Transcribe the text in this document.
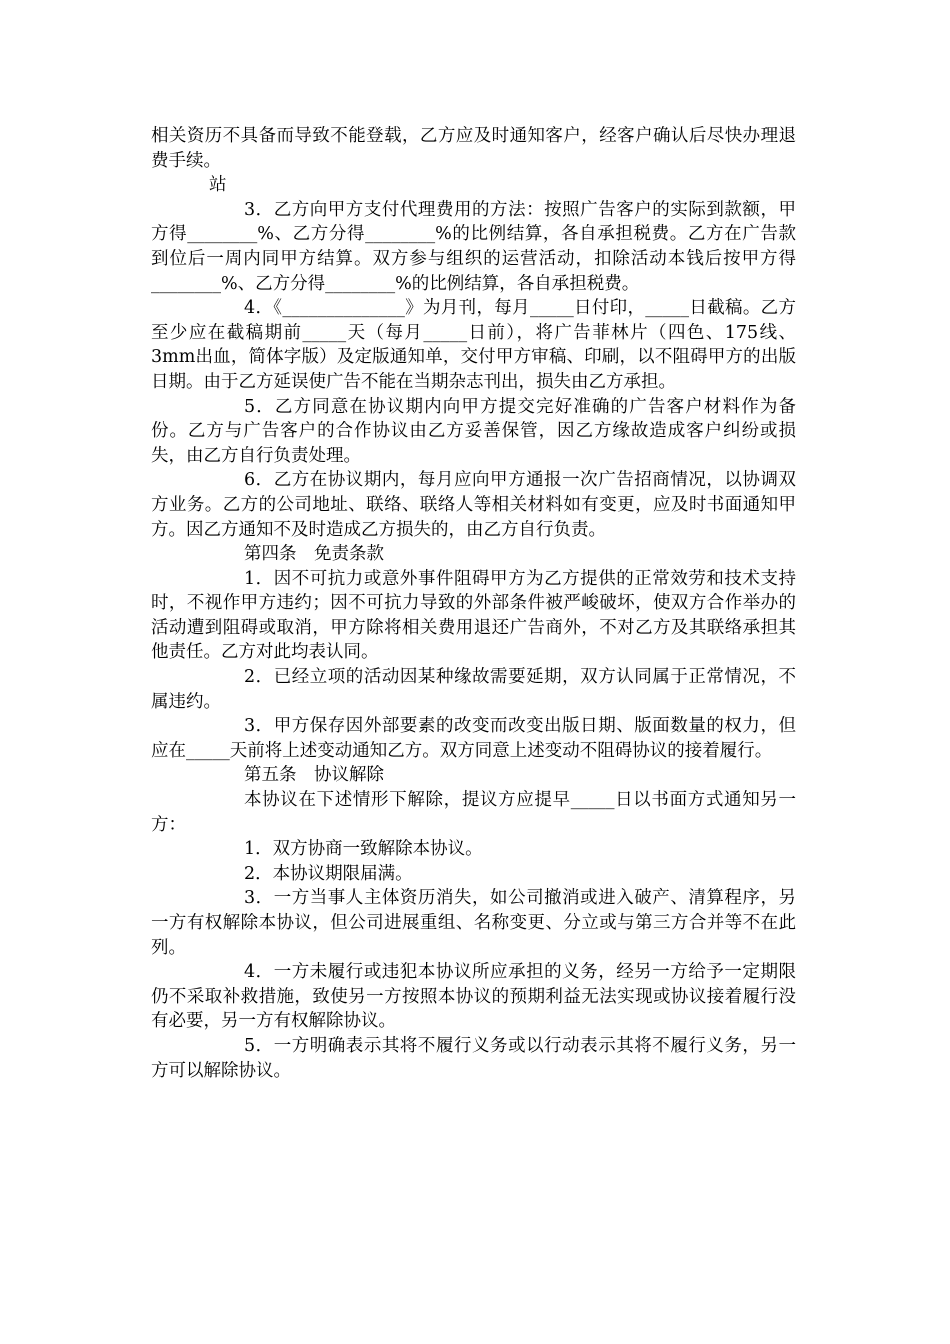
相关资历不具备而导致不能登载，乙方应及时通知客户，经客户确认后尽快办理退费手续。

站

3．乙方向甲方支付代理费用的方法：按照广告客户的实际到款额，甲方得________%、乙方分得________%的比例结算，各自承担税费。乙方在广告款到位后一周内同甲方结算。双方参与组织的运营活动，扣除活动本钱后按甲方得________%、乙方分得________%的比例结算，各自承担税费。

4．《______________》为月刊，每月_____日付印，_____日截稿。乙方至少应在截稿期前_____天（每月_____日前），将广告菲林片（四色、175线、3mm出血，简体字版）及定版通知单，交付甲方审稿、印刷，以不阻碍甲方的出版日期。由于乙方延误使广告不能在当期杂志刊出，损失由乙方承担。

5．乙方同意在协议期内向甲方提交完好准确的广告客户材料作为备份。乙方与广告客户的合作协议由乙方妥善保管，因乙方缘故造成客户纠纷或损失，由乙方自行负责处理。

6．乙方在协议期内，每月应向甲方通报一次广告招商情况，以协调双方业务。乙方的公司地址、联络、联络人等相关材料如有变更，应及时书面通知甲方。因乙方通知不及时造成乙方损失的，由乙方自行负责。

第四条　免责条款

1．因不可抗力或意外事件阻碍甲方为乙方提供的正常效劳和技术支持时，不视作甲方违约；因不可抗力导致的外部条件被严峻破坏，使双方合作举办的活动遭到阻碍或取消，甲方除将相关费用退还广告商外，不对乙方及其联络承担其他责任。乙方对此均表认同。

2．已经立项的活动因某种缘故需要延期，双方认同属于正常情况，不属违约。

3．甲方保存因外部要素的改变而改变出版日期、版面数量的权力，但应在_____天前将上述变动通知乙方。双方同意上述变动不阻碍协议的接着履行。

第五条　协议解除

本协议在下述情形下解除，提议方应提早_____日以书面方式通知另一方：

1．双方协商一致解除本协议。

2．本协议期限届满。

3．一方当事人主体资历消失，如公司撤消或进入破产、清算程序，另一方有权解除本协议，但公司进展重组、名称变更、分立或与第三方合并等不在此列。

4．一方未履行或违犯本协议所应承担的义务，经另一方给予一定期限仍不采取补救措施，致使另一方按照本协议的预期利益无法实现或协议接着履行没有必要，另一方有权解除协议。

5．一方明确表示其将不履行义务或以行动表示其将不履行义务，另一方可以解除协议。
